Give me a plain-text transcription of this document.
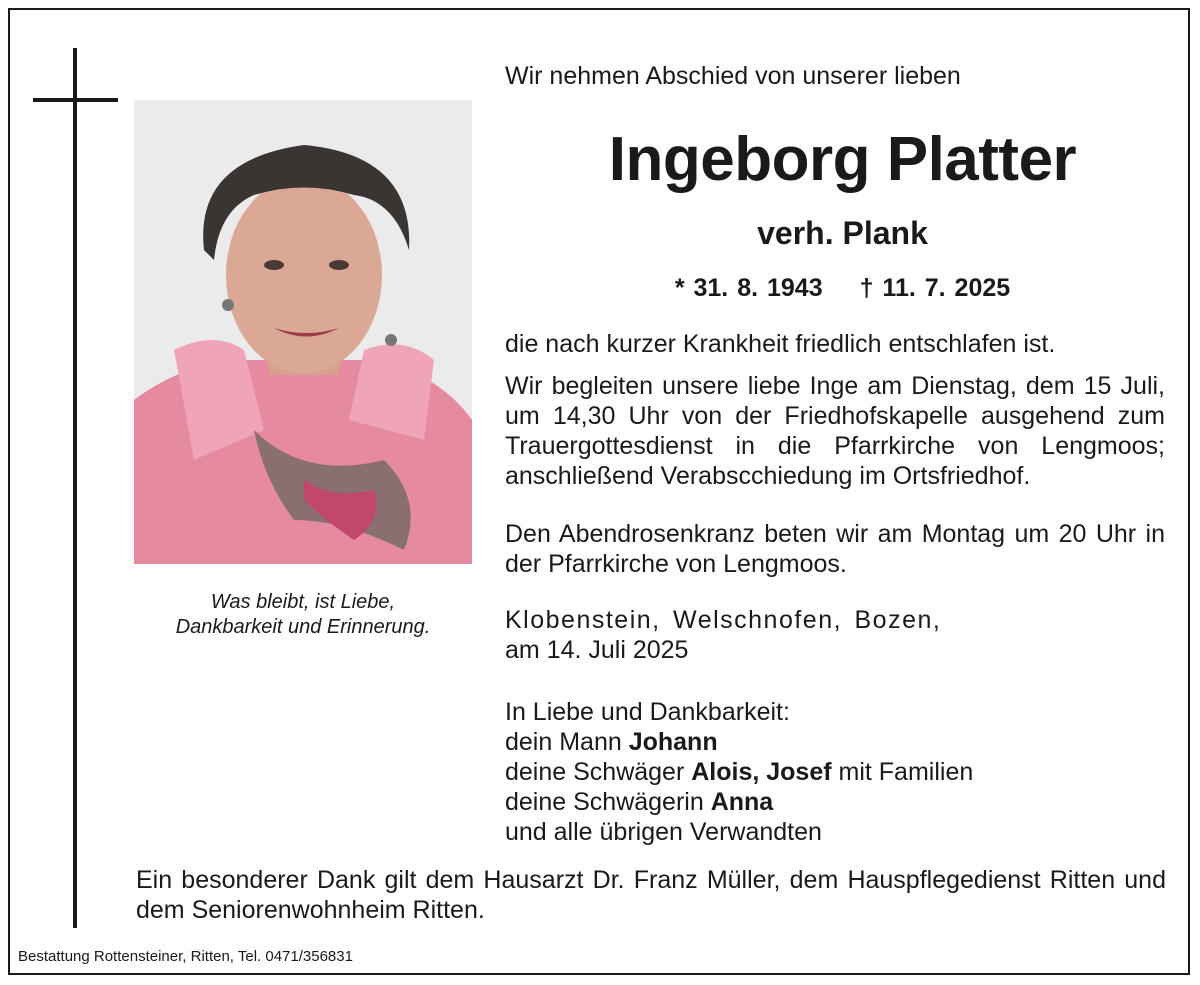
Was bleibt, ist Liebe,
Dankbarkeit und Erinnerung.
Wir nehmen Abschied von unserer lieben
Ingeborg Platter
verh. Plank
* 31. 8. 1943 † 11. 7. 2025
die nach kurzer Krankheit friedlich entschlafen ist.
Wir begleiten unsere liebe Inge am Dienstag, dem 15 Juli, um 14,30 Uhr von der Friedhofskapelle ausgehend zum Trauergottesdienst in die Pfarrkirche von Lengmoos; anschließend Verabscchiedung im Ortsfriedhof.
Den Abendrosenkranz beten wir am Montag um 20 Uhr in der Pfarrkirche von Lengmoos.
Klobenstein, Welschnofen, Bozen,
am 14. Juli 2025
In Liebe und Dankbarkeit:
dein Mann Johann
deine Schwäger Alois, Josef mit Familien
deine Schwägerin Anna
und alle übrigen Verwandten
Ein besonderer Dank gilt dem Hausarzt Dr. Franz Müller, dem Hauspflegedienst Ritten und dem Seniorenwohnheim Ritten.
Bestattung Rottensteiner, Ritten, Tel. 0471/356831
